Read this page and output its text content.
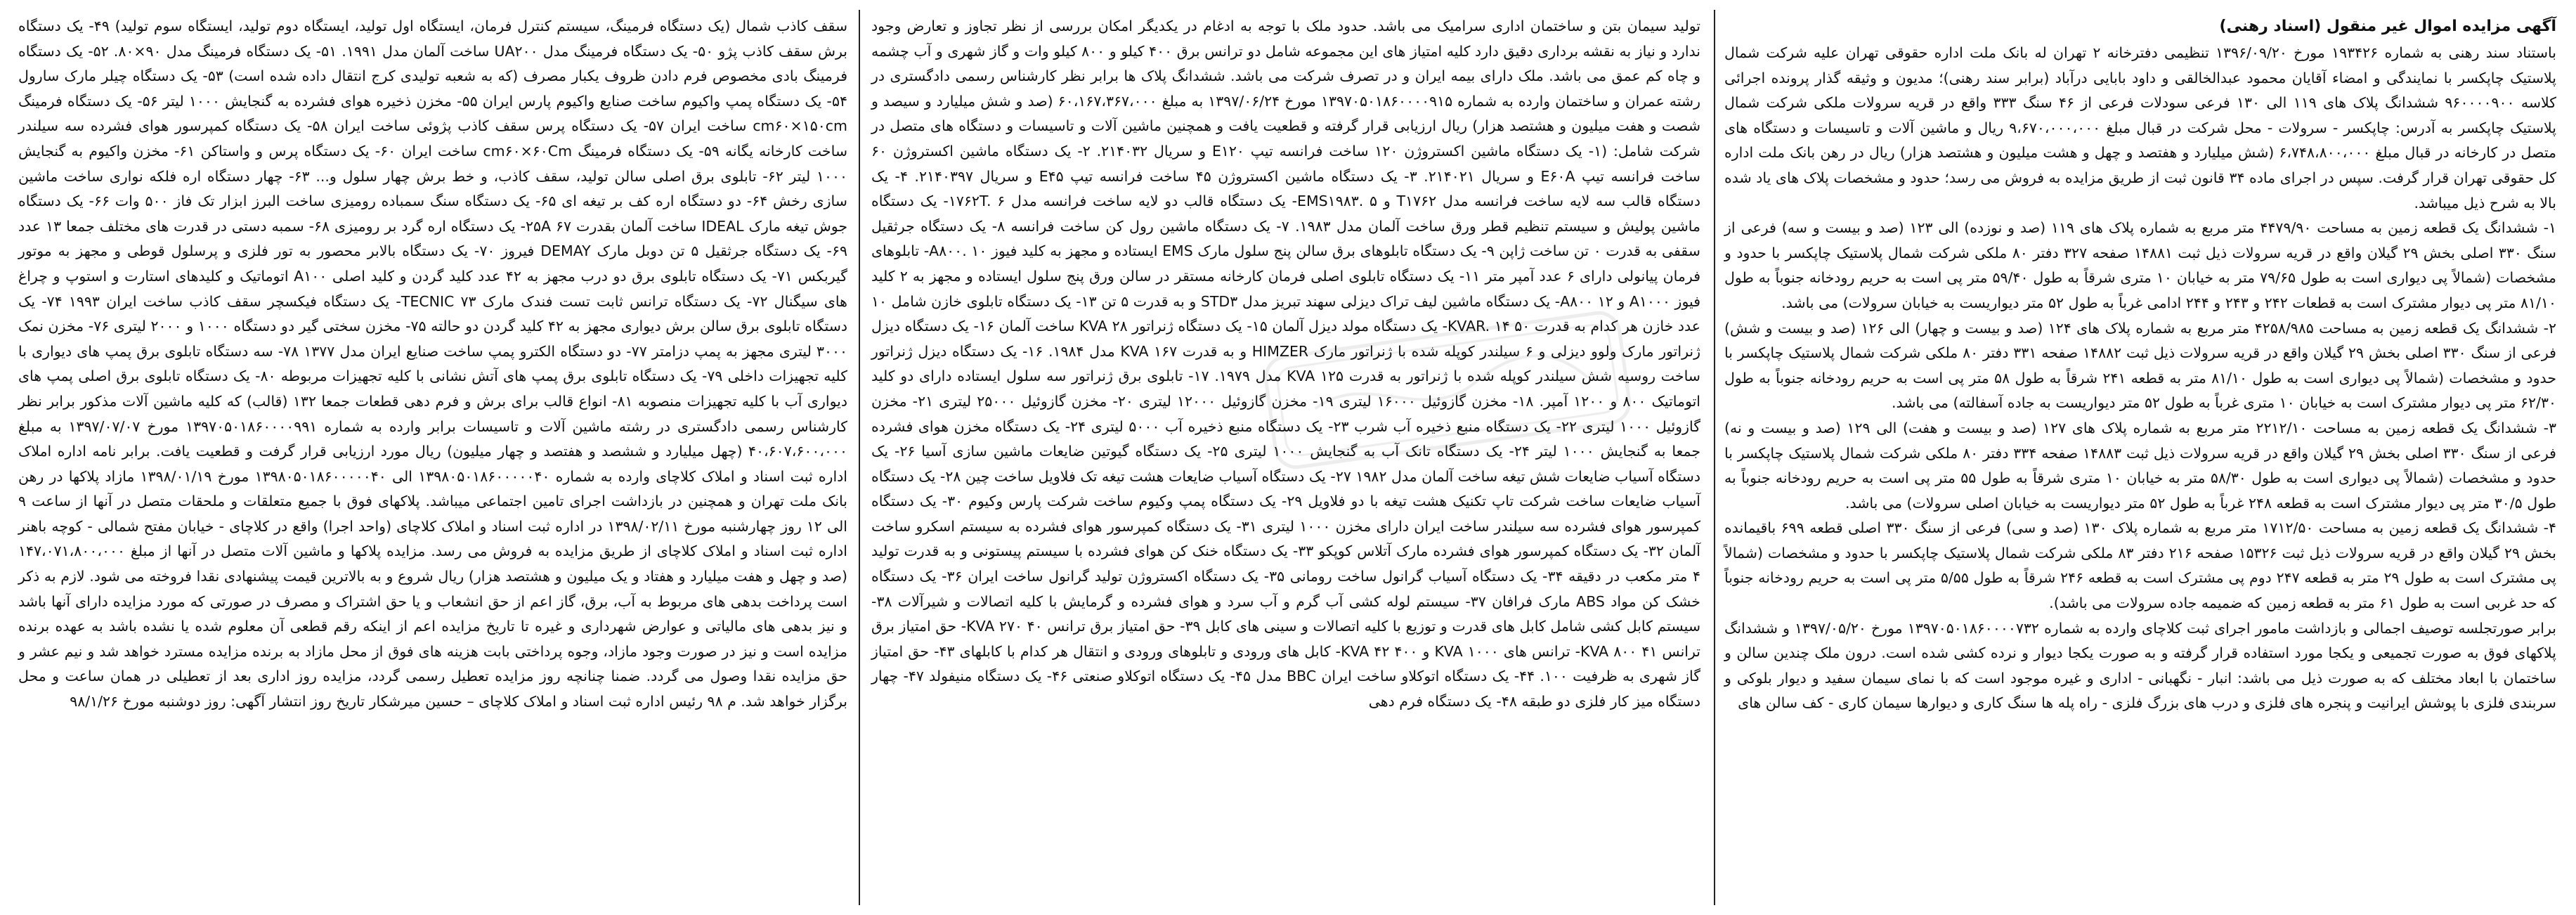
آگهی مزایده اموال غیر منقول (اسناد رهنی)

باستناد سند رهنی به شماره ۱۹۳۴۲۶ مورخ ۱۳۹۶/۰۹/۲۰ تنظیمی دفترخانه ۲ تهران له بانک ملت اداره حقوقی تهران علیه شرکت شمال پلاستیک چاپکسر با نمایندگی و امضاء آقایان محمود عبدالخالقی و داود بابایی درآباد (برابر سند رهنی)؛ مدیون و وثیقه گذار پرونده اجرائی کلاسه ۹۶۰۰۰۰۹۰۰ ششدانگ پلاک های ۱۱۹ الی ۱۳۰ فرعی سودلات فرعی از ۴۶ سنگ ۳۳۳ واقع در قریه سرولات ملکی شرکت شمال پلاستیک چاپکسر به آدرس: چاپکسر - سرولات - محل شرکت در قبال مبلغ ۹،۶۷۰،۰۰۰،۰۰۰ ریال و ماشین آلات و تاسیسات و دستگاه های متصل در کارخانه در قبال مبلغ ۶،۷۴۸،۸۰۰،۰۰۰ (شش میلیارد و هفتصد و چهل و هشت میلیون و هشتصد هزار) ریال در رهن بانک ملت اداره کل حقوقی تهران قرار گرفت. سپس در اجرای ماده ۳۴ قانون ثبت از طریق مزایده به فروش می رسد؛ حدود و مشخصات پلاک های یاد شده بالا به شرح ذیل میباشد.

۱- ششدانگ یک قطعه زمین به مساحت ۴۴۷۹/۹۰ متر مربع به شماره پلاک های ۱۱۹ (صد و نوزده) الی ۱۲۳ (صد و بیست و سه) فرعی از سنگ ۳۳۰ اصلی بخش ۲۹ گیلان واقع در قریه سرولات ذیل ثبت ۱۴۸۸۱ صفحه ۳۲۷ دفتر ۸۰ ملکی شرکت شمال پلاستیک چاپکسر با حدود و مشخصات (شمالاً پی دیواری است به طول ۷۹/۶۵ متر به خیابان ۱۰ متری شرقاً به طول ۵۹/۴۰ متر پی است به حریم رودخانه جنوباً به طول ۸۱/۱۰ متر پی دیوار مشترک است به قطعات ۲۴۲ و ۲۴۳ و ۲۴۴ ادامی غرباً به طول ۵۲ متر دیواریست به خیابان سرولات) می باشد.

۲- ششدانگ یک قطعه زمین به مساحت ۴۲۵۸/۹۸۵ متر مربع به شماره پلاک های ۱۲۴ (صد و بیست و چهار) الی ۱۲۶ (صد و بیست و شش) فرعی از سنگ ۳۳۰ اصلی بخش ۲۹ گیلان واقع در قریه سرولات ذیل ثبت ۱۴۸۸۲ صفحه ۳۳۱ دفتر ۸۰ ملکی شرکت شمال پلاستیک چاپکسر با حدود و مشخصات (شمالاً پی دیواری است به طول ۸۱/۱۰ متر به قطعه ۲۴۱ شرقاً به طول ۵۸ متر پی است به حریم رودخانه جنوباً به طول ۶۲/۳۰ متر پی دیوار مشترک است به خیابان ۱۰ متری غرباً به طول ۵۲ متر دیواریست به جاده آسفالته) می باشد.

۳- ششدانگ یک قطعه زمین به مساحت ۲۲۱۲/۱۰ متر مربع به شماره پلاک های ۱۲۷ (صد و بیست و هفت) الی ۱۲۹ (صد و بیست و نه) فرعی از سنگ ۳۳۰ اصلی بخش ۲۹ گیلان واقع در قریه سرولات ذیل ثبت ۱۴۸۸۳ صفحه ۳۳۴ دفتر ۸۰ ملکی شرکت شمال پلاستیک چاپکسر با حدود و مشخصات (شمالاً پی دیواری است به طول ۵۸/۳۰ متر به خیابان ۱۰ متری شرقاً به طول ۵۵ متر پی است به حریم رودخانه جنوباً به طول ۳۰/۵ متر پی دیوار مشترک است به قطعه ۲۴۸ غرباً به طول ۵۲ متر دیواریست به خیابان اصلی سرولات) می باشد.

۴- ششدانگ یک قطعه زمین به مساحت ۱۷۱۲/۵۰ متر مربع به شماره پلاک ۱۳۰ (صد و سی) فرعی از سنگ ۳۳۰ اصلی قطعه ۶۹۹ باقیمانده بخش ۲۹ گیلان واقع در قریه سرولات ذیل ثبت ۱۵۳۲۶ صفحه ۲۱۶ دفتر ۸۳ ملکی شرکت شمال پلاستیک چاپکسر با حدود و مشخصات (شمالاً پی مشترک است به طول ۲۹ متر به قطعه ۲۴۷ دوم پی مشترک است به قطعه ۲۴۶ شرقاً به طول ۵/۵۵ متر پی است به حریم رودخانه جنوباً که حد غربی است به طول ۶۱ متر به قطعه زمین که ضمیمه جاده سرولات می باشد).

برابر صورتجلسه توصیف اجمالی و بازداشت مامور اجرای ثبت کلاچای وارده به شماره ۱۳۹۷۰۵۰۱۸۶۰۰۰۰۷۳۲ مورخ ۱۳۹۷/۰۵/۲۰ و ششدانگ پلاکهای فوق به صورت تجمیعی و یکجا مورد استفاده قرار گرفته و به صورت یکجا دیوار و نرده کشی شده است. درون ملک چندین سالن و ساختمان با ابعاد مختلف که به صورت ذیل می باشد: انبار - نگهبانی - اداری و غیره موجود است که با نمای سیمان سفید و دیوار بلوکی و سربندی فلزی با پوشش ایرانیت و پنجره های فلزی و درب های بزرگ فلزی - راه پله ها سنگ کاری و دیوارها سیمان کاری - کف سالن های

تولید سیمان بتن و ساختمان اداری سرامیک می باشد. حدود ملک با توجه به ادغام در یکدیگر امکان بررسی از نظر تجاوز و تعارض وجود ندارد و نیاز به نقشه برداری دقیق دارد کلیه امتیاز های این مجموعه شامل دو ترانس برق ۴۰۰ کیلو و ۸۰۰ کیلو وات و گاز شهری و آب چشمه و چاه کم عمق می باشد. ملک دارای بیمه ایران و در تصرف شرکت می باشد. ششدانگ پلاک ها برابر نظر کارشناس رسمی دادگستری در رشته عمران و ساختمان وارده به شماره ۱۳۹۷۰۵۰۱۸۶۰۰۰۰۹۱۵ مورخ ۱۳۹۷/۰۶/۲۴ به مبلغ ۶۰،۱۶۷،۳۶۷،۰۰۰ (صد و شش میلیارد و سیصد و شصت و هفت میلیون و هشتصد هزار) ریال ارزیابی قرار گرفته و قطعیت یافت و همچنین ماشین آلات و تاسیسات و دستگاه های متصل در شرکت شامل: (۱- یک دستگاه ماشین اکستروژن ۱۲۰ ساخت فرانسه تیپ E۱۲۰ و سریال ۲۱۴۰۳۲. ۲- یک دستگاه ماشین اکستروژن ۶۰ ساخت فرانسه تیپ E۶۰A و سریال ۲۱۴۰۲۱. ۳- یک دستگاه ماشین اکستروژن ۴۵ ساخت فرانسه تیپ E۴۵ و سریال ۲۱۴۰۳۹۷. ۴- یک دستگاه قالب سه لایه ساخت فرانسه مدل T۱۷۶۲ و EMS۱۹۸۳. ۵- یک دستگاه قالب دو لایه ساخت فرانسه مدل ۱۷۶۲T. ۶- یک دستگاه ماشین پولیش و سیستم تنظیم قطر ورق ساخت آلمان مدل ۱۹۸۳. ۷- یک دستگاه ماشین رول کن ساخت فرانسه ۸- یک دستگاه جرثقیل سقفی به قدرت ۰ تن ساخت ژاپن ۹- یک دستگاه تابلوهای برق سالن پنج سلول مارک EMS ایستاده و مجهز به کلید فیوز A۸۰۰. ۱۰- تابلوهای فرمان پیانولی دارای ۶ عدد آمپر متر ۱۱- یک دستگاه تابلوی اصلی فرمان کارخانه مستقر در سالن ورق پنج سلول ایستاده و مجهز به ۲ کلید فیوز A۱۰۰۰ و A۸۰۰ ۱۲- یک دستگاه ماشین لیف تراک دیزلی سهند تبریز مدل STD۳ و به قدرت ۵ تن ۱۳- یک دستگاه تابلوی خازن شامل ۱۰ عدد خازن هر کدام به قدرت ۵۰ KVAR. ۱۴- یک دستگاه مولد دیزل آلمان ۱۵- یک دستگاه ژنراتور ۲۸ KVA ساخت آلمان ۱۶- یک دستگاه دیزل ژنراتور مارک ولوو دیزلی و ۶ سیلندر کوپله شده با ژنراتور مارک HIMZER و به قدرت ۱۶۷ KVA مدل ۱۹۸۴. ۱۶- یک دستگاه دیزل ژنراتور ساخت روسیه شش سیلندر کوپله شده با ژنراتور به قدرت ۱۲۵ KVA مدل ۱۹۷۹. ۱۷- تابلوی برق ژنراتور سه سلول ایستاده دارای دو کلید اتوماتیک ۸۰۰ و ۱۲۰۰ آمپر. ۱۸- مخزن گازوئیل ۱۶۰۰۰ لیتری ۱۹- مخزن گازوئیل ۱۲۰۰۰ لیتری ۲۰- مخزن گازوئیل ۲۵۰۰۰ لیتری ۲۱- مخزن گازوئیل ۱۰۰۰ لیتری ۲۲- یک دستگاه منبع ذخیره آب شرب ۲۳- یک دستگاه منبع ذخیره آب ۵۰۰۰ لیتری ۲۴- یک دستگاه مخزن هوای فشرده جمعا به گنجایش ۱۰۰۰ لیتر ۲۴- یک دستگاه تانک آب به گنجایش ۱۰۰۰ لیتری ۲۵- یک دستگاه گیوتین ضایعات ماشین سازی آسیا ۲۶- یک دستگاه آسیاب ضایعات شش تیغه ساخت آلمان مدل ۱۹۸۲ ۲۷- یک دستگاه آسیاب ضایعات هشت تیغه تک فلاویل ساخت چین ۲۸- یک دستگاه آسیاب ضایعات ساخت شرکت تاپ تکنیک هشت تیغه با دو فلاویل ۲۹- یک دستگاه پمپ وکیوم ساخت شرکت پارس وکیوم ۳۰- یک دستگاه کمپرسور هوای فشرده سه سیلندر ساخت ایران دارای مخزن ۱۰۰۰ لیتری ۳۱- یک دستگاه کمپرسور هوای فشرده به سیستم اسکرو ساخت آلمان ۳۲- یک دستگاه کمپرسور هوای فشرده مارک آتلاس کوپکو ۳۳- یک دستگاه خنک کن هوای فشرده با سیستم پیستونی و به قدرت تولید ۴ متر مکعب در دقیقه ۳۴- یک دستگاه آسیاب گرانول ساخت رومانی ۳۵- یک دستگاه اکستروژن تولید گرانول ساخت ایران ۳۶- یک دستگاه خشک کن مواد ABS مارک فرافان ۳۷- سیستم لوله کشی آب گرم و آب سرد و هوای فشرده و گرمایش با کلیه اتصالات و شیرآلات ۳۸- سیستم کابل کشی شامل کابل های قدرت و توزیع با کلیه اتصالات و سینی های کابل ۳۹- حق امتیاز برق ترانس KVA ۲۷۰ ۴۰- حق امتیاز برق ترانس KVA ۸۰۰ ۴۱- ترانس های KVA ۱۰۰۰ و ۴۰۰ KVA ۴۲- کابل های ورودی و تابلوهای ورودی و انتقال هر کدام با کابلهای ۴۳- حق امتیاز گاز شهری به ظرفیت ۱۰۰. ۴۴- یک دستگاه اتوکلاو ساخت ایران BBC مدل ۴۵- یک دستگاه اتوکلاو صنعتی ۴۶- یک دستگاه منیفولد ۴۷- چهار دستگاه میز کار فلزی دو طبقه ۴۸- یک دستگاه فرم دهی

سقف کاذب شمال (یک دستگاه فرمینگ، سیستم کنترل فرمان، ایستگاه اول تولید، ایستگاه دوم تولید، ایستگاه سوم تولید) ۴۹- یک دستگاه برش سقف کاذب پژو ۵۰- یک دستگاه فرمینگ مدل UA۲۰۰ ساخت آلمان مدل ۱۹۹۱. ۵۱- یک دستگاه فرمینگ مدل ۹۰×۸۰. ۵۲- یک دستگاه فرمینگ بادی مخصوص فرم دادن ظروف یکبار مصرف (که به شعبه تولیدی کرج انتقال داده شده است) ۵۳- یک دستگاه چیلر مارک سارول ۵۴- یک دستگاه پمپ واکیوم ساخت صنایع واکیوم پارس ایران ۵۵- مخزن ذخیره هوای فشرده به گنجایش ۱۰۰۰ لیتر ۵۶- یک دستگاه فرمینگ cm۶۰×۱۵۰cm ساخت ایران ۵۷- یک دستگاه پرس سقف کاذب پژوئی ساخت ایران ۵۸- یک دستگاه کمپرسور هوای فشرده سه سیلندر ساخت کارخانه یگانه ۵۹- یک دستگاه فرمینگ cm۶۰×۶۰Cm ساخت ایران ۶۰- یک دستگاه پرس و واستاکن ۶۱- مخزن واکیوم به گنجایش ۱۰۰۰ لیتر ۶۲- تابلوی برق اصلی سالن تولید، سقف کاذب، و خط برش چهار سلول و... ۶۳- چهار دستگاه اره فلکه نواری ساخت ماشین سازی رخش ۶۴- دو دستگاه اره کف بر تیغه ای ۶۵- یک دستگاه سنگ سمباده رومیزی ساخت البرز ابزار تک فاز ۵۰۰ وات ۶۶- یک دستگاه جوش تیغه مارک IDEAL ساخت آلمان بقدرت ۲۵A ۶۷- یک دستگاه اره گرد بر رومیزی ۶۸- سمبه دستی در قدرت های مختلف جمعا ۱۳ عدد ۶۹- یک دستگاه جرثقیل ۵ تن دوبل مارک DEMAY فیروز ۷۰- یک دستگاه بالابر محصور به تور فلزی و پرسلول قوطی و مجهز به موتور گیربکس ۷۱- یک دستگاه تابلوی برق دو درب مجهز به ۴۲ عدد کلید گردن و کلید اصلی A۱۰۰ اتوماتیک و کلیدهای استارت و استوپ و چراغ های سیگنال ۷۲- یک دستگاه ترانس ثابت تست فندک مارک TECNIC ۷۳- یک دستگاه فیکسچر سقف کاذب ساخت ایران ۱۹۹۳ ۷۴- یک دستگاه تابلوی برق سالن برش دیواری مجهز به ۴۲ کلید گردن دو حالته ۷۵- مخزن سختی گیر دو دستگاه ۱۰۰۰ و ۲۰۰۰ لیتری ۷۶- مخزن نمک ۳۰۰۰ لیتری مجهز به پمپ دزامتر ۷۷- دو دستگاه الکترو پمپ ساخت صنایع ایران مدل ۱۳۷۷ ۷۸- سه دستگاه تابلوی برق پمپ های دیواری با کلیه تجهیزات داخلی ۷۹- یک دستگاه تابلوی برق پمپ های آتش نشانی با کلیه تجهیزات مربوطه ۸۰- یک دستگاه تابلوی برق اصلی پمپ های دیواری آب با کلیه تجهیزات منصوبه ۸۱- انواع قالب برای برش و فرم دهی قطعات جمعا ۱۳۲ (قالب) که کلیه ماشین آلات مذکور برابر نظر کارشناس رسمی دادگستری در رشته ماشین آلات و تاسیسات برابر وارده به شماره ۱۳۹۷۰۵۰۱۸۶۰۰۰۰۹۹۱ مورخ ۱۳۹۷/۰۷/۰۷ به مبلغ ۴۰،۶۰۷،۶۰۰،۰۰۰ (چهل میلیارد و ششصد و هفتصد و چهار میلیون) ریال مورد ارزیابی قرار گرفت و قطعیت یافت. برابر نامه اداره املاک اداره ثبت اسناد و املاک کلاچای وارده به شماره ۱۳۹۸۰۵۰۱۸۶۰۰۰۰۰۴۰ الی ۱۳۹۸۰۵۰۱۸۶۰۰۰۰۰۴۰ مورخ ۱۳۹۸/۰۱/۱۹ مازاد پلاکها در رهن بانک ملت تهران و همچنین در بازداشت اجرای تامین اجتماعی میباشد. پلاکهای فوق با جمیع متعلقات و ملحقات متصل در آنها از ساعت ۹ الی ۱۲ روز چهارشنبه مورخ ۱۳۹۸/۰۲/۱۱ در اداره ثبت اسناد و املاک کلاچای (واحد اجرا) واقع در کلاچای - خیابان مفتح شمالی - کوچه باهنر اداره ثبت اسناد و املاک کلاچای از طریق مزایده به فروش می رسد. مزایده پلاکها و ماشین آلات متصل در آنها از مبلغ ۱۴۷،۰۷۱،۸۰۰،۰۰۰ (صد و چهل و هفت میلیارد و هفتاد و یک میلیون و هشتصد هزار) ریال شروع و به بالاترین قیمت پیشنهادی نقدا فروخته می شود. لازم به ذکر است پرداخت بدهی های مربوط به آب، برق، گاز اعم از حق انشعاب و یا حق اشتراک و مصرف در صورتی که مورد مزایده دارای آنها باشد و نیز بدهی های مالیاتی و عوارض شهرداری و غیره تا تاریخ مزایده اعم از اینکه رقم قطعی آن معلوم شده یا نشده باشد به عهده برنده مزایده است و نیز در صورت وجود مازاد، وجوه پرداختی بابت هزینه های فوق از محل مازاد به برنده مزایده مسترد خواهد شد و نیم عشر و حق مزایده نقدا وصول می گردد. ضمنا چنانچه روز مزایده تعطیل رسمی گردد، مزایده روز اداری بعد از تعطیلی در همان ساعت و محل برگزار خواهد شد. م ۹۸ رئیس اداره ثبت اسناد و املاک کلاچای – حسین میرشکار تاریخ روز انتشار آگهی: روز دوشنبه مورخ ۹۸/۱/۲۶
